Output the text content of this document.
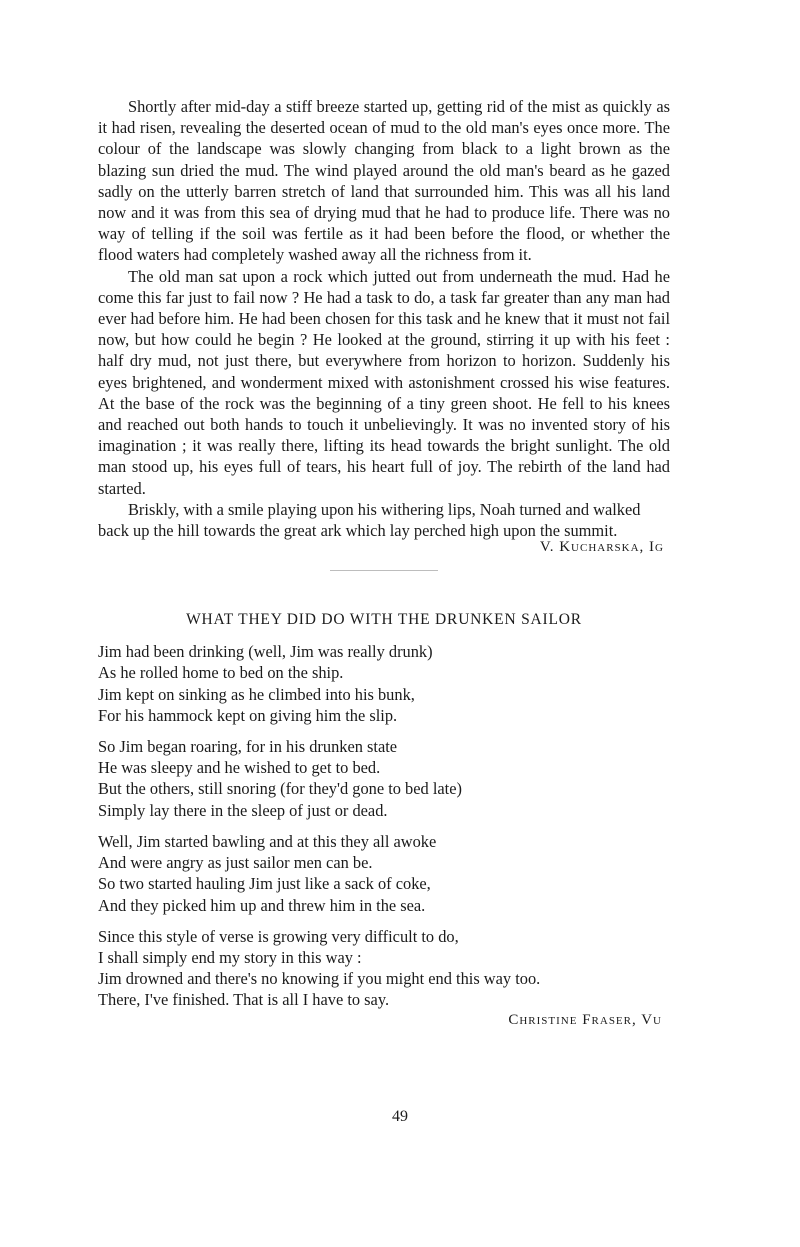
Shortly after mid-day a stiff breeze started up, getting rid of the mist as quickly as it had risen, revealing the deserted ocean of mud to the old man's eyes once more. The colour of the landscape was slowly changing from black to a light brown as the blazing sun dried the mud. The wind played around the old man's beard as he gazed sadly on the utterly barren stretch of land that surrounded him. This was all his land now and it was from this sea of drying mud that he had to produce life. There was no way of telling if the soil was fertile as it had been before the flood, or whether the flood waters had completely washed away all the richness from it.

The old man sat upon a rock which jutted out from underneath the mud. Had he come this far just to fail now ? He had a task to do, a task far greater than any man had ever had before him. He had been chosen for this task and he knew that it must not fail now, but how could he begin ? He looked at the ground, stirring it up with his feet : half dry mud, not just there, but everywhere from horizon to horizon. Suddenly his eyes brightened, and wonderment mixed with astonishment crossed his wise features. At the base of the rock was the beginning of a tiny green shoot. He fell to his knees and reached out both hands to touch it unbelievingly. It was no invented story of his imagination ; it was really there, lifting its head towards the bright sunlight. The old man stood up, his eyes full of tears, his heart full of joy. The rebirth of the land had started.

Briskly, with a smile playing upon his withering lips, Noah turned and walked back up the hill towards the great ark which lay perched high upon the summit.

V. Kucharska, Ig
WHAT THEY DID DO WITH THE DRUNKEN SAILOR
Jim had been drinking (well, Jim was really drunk)
As he rolled home to bed on the ship.
Jim kept on sinking as he climbed into his bunk,
For his hammock kept on giving him the slip.
So Jim began roaring, for in his drunken state
He was sleepy and he wished to get to bed.
But the others, still snoring (for they'd gone to bed late)
Simply lay there in the sleep of just or dead.
Well, Jim started bawling and at this they all awoke
And were angry as just sailor men can be.
So two started hauling Jim just like a sack of coke,
And they picked him up and threw him in the sea.
Since this style of verse is growing very difficult to do,
I shall simply end my story in this way :
Jim drowned and there's no knowing if you might end this way too.
There, I've finished. That is all I have to say.
Christine Fraser, Vu
49
